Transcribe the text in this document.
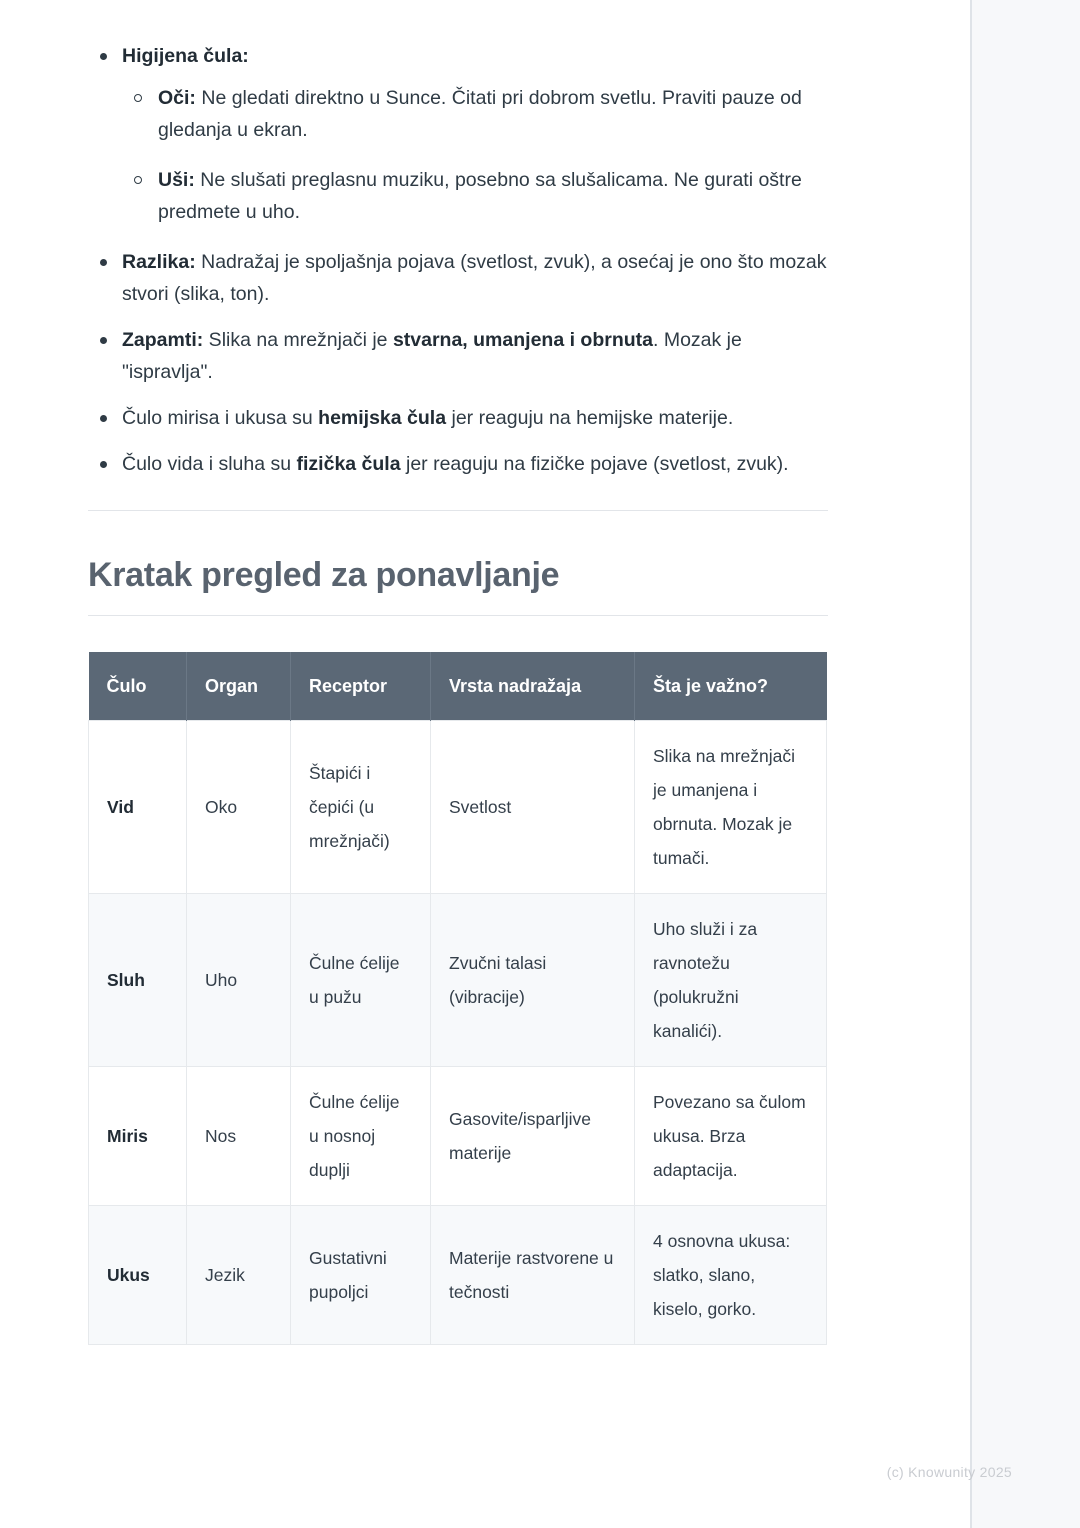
Higijena čula:
Oči: Ne gledati direktno u Sunce. Čitati pri dobrom svetlu. Praviti pauze od gledanja u ekran.
Uši: Ne slušati preglasnu muziku, posebno sa slušalicama. Ne gurati oštre predmete u uho.
Razlika: Nadražaj je spoljašnja pojava (svetlost, zvuk), a osećaj je ono što mozak stvori (slika, ton).
Zapamti: Slika na mrežnjači je stvarna, umanjena i obrnuta. Mozak je "ispravlja".
Čulo mirisa i ukusa su hemijska čula jer reaguju na hemijske materije.
Čulo vida i sluha su fizička čula jer reaguju na fizičke pojave (svetlost, zvuk).
Kratak pregled za ponavljanje
Čulo	Organ	Receptor	Vrsta nadražaja	Šta je važno?
Vid	Oko	Štapići i čepići (u mrežnjači)	Svetlost	Slika na mrežnjači je umanjena i obrnuta. Mozak je tumači.
Sluh	Uho	Čulne ćelije u pužu	Zvučni talasi (vibracije)	Uho služi i za ravnotežu (polukružni kanalići).
Miris	Nos	Čulne ćelije u nosnoj duplji	Gasovite/isparljive materije	Povezano sa čulom ukusa. Brza adaptacija.
Ukus	Jezik	Gustativni pupoljci	Materije rastvorene u tečnosti	4 osnovna ukusa: slatko, slano, kiselo, gorko.
(c) Knowunity 2025
